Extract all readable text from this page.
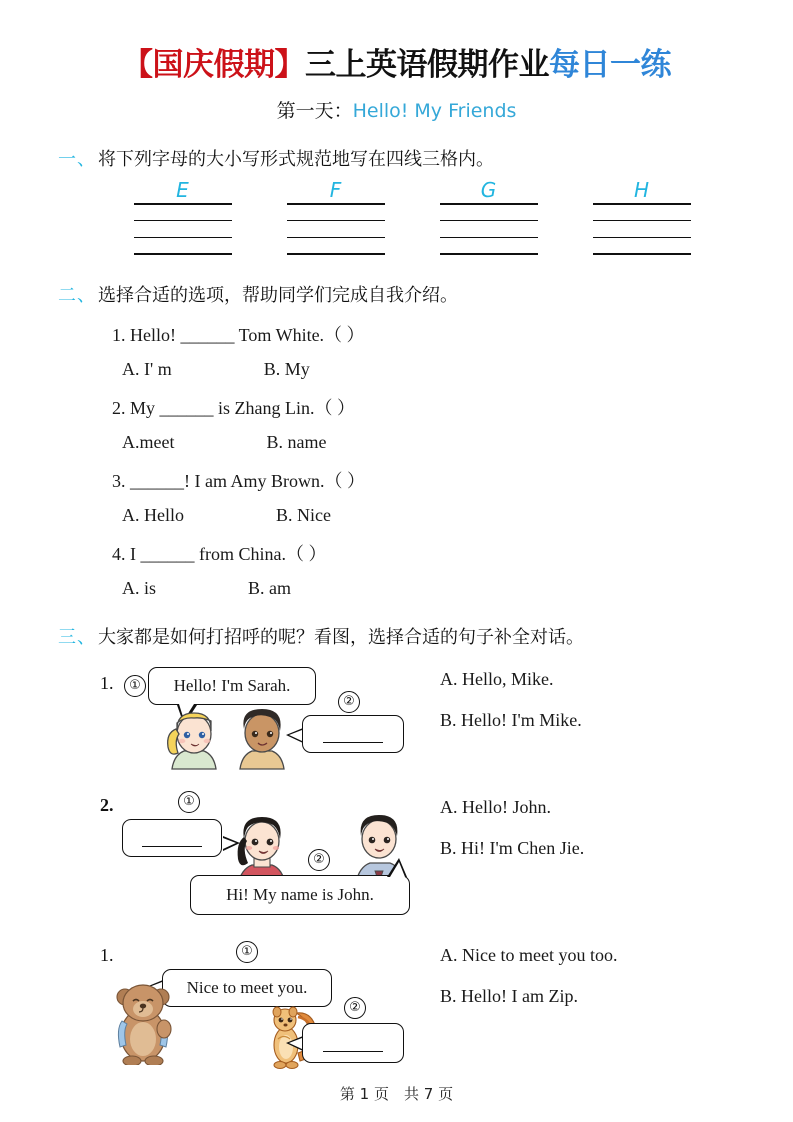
【国庆假期】三上英语假期作业每日一练
第一天：Hello! My Friends
一、 将下列字母的大小写形式规范地写在四线三格内。
E	F	G	H
二、 选择合适的选项，帮助同学们完成自我介绍。
1. Hello! ______ Tom White.（ ）
A. I' m	B. My
2. My ______ is Zhang Lin.（ ）
A.meet	B. name
3. ______! I am Amy Brown.（ ）
A. Hello	B. Nice
4. I ______ from China.（ ）
A. is	B. am
三、 大家都是如何打招呼的呢？看图，选择合适的句子补全对话。
1.	①	Hello! I'm Sarah.
②
A. Hello, Mike.
B. Hello! I'm Mike.
2.	①
②
Hi! My name is John.
A. Hello! John.
B. Hi! I'm Chen Jie.
1.	①
Nice to meet you.
②
A. Nice to meet you too.
B. Hello! I am Zip.
第 1 页　共 7 页
